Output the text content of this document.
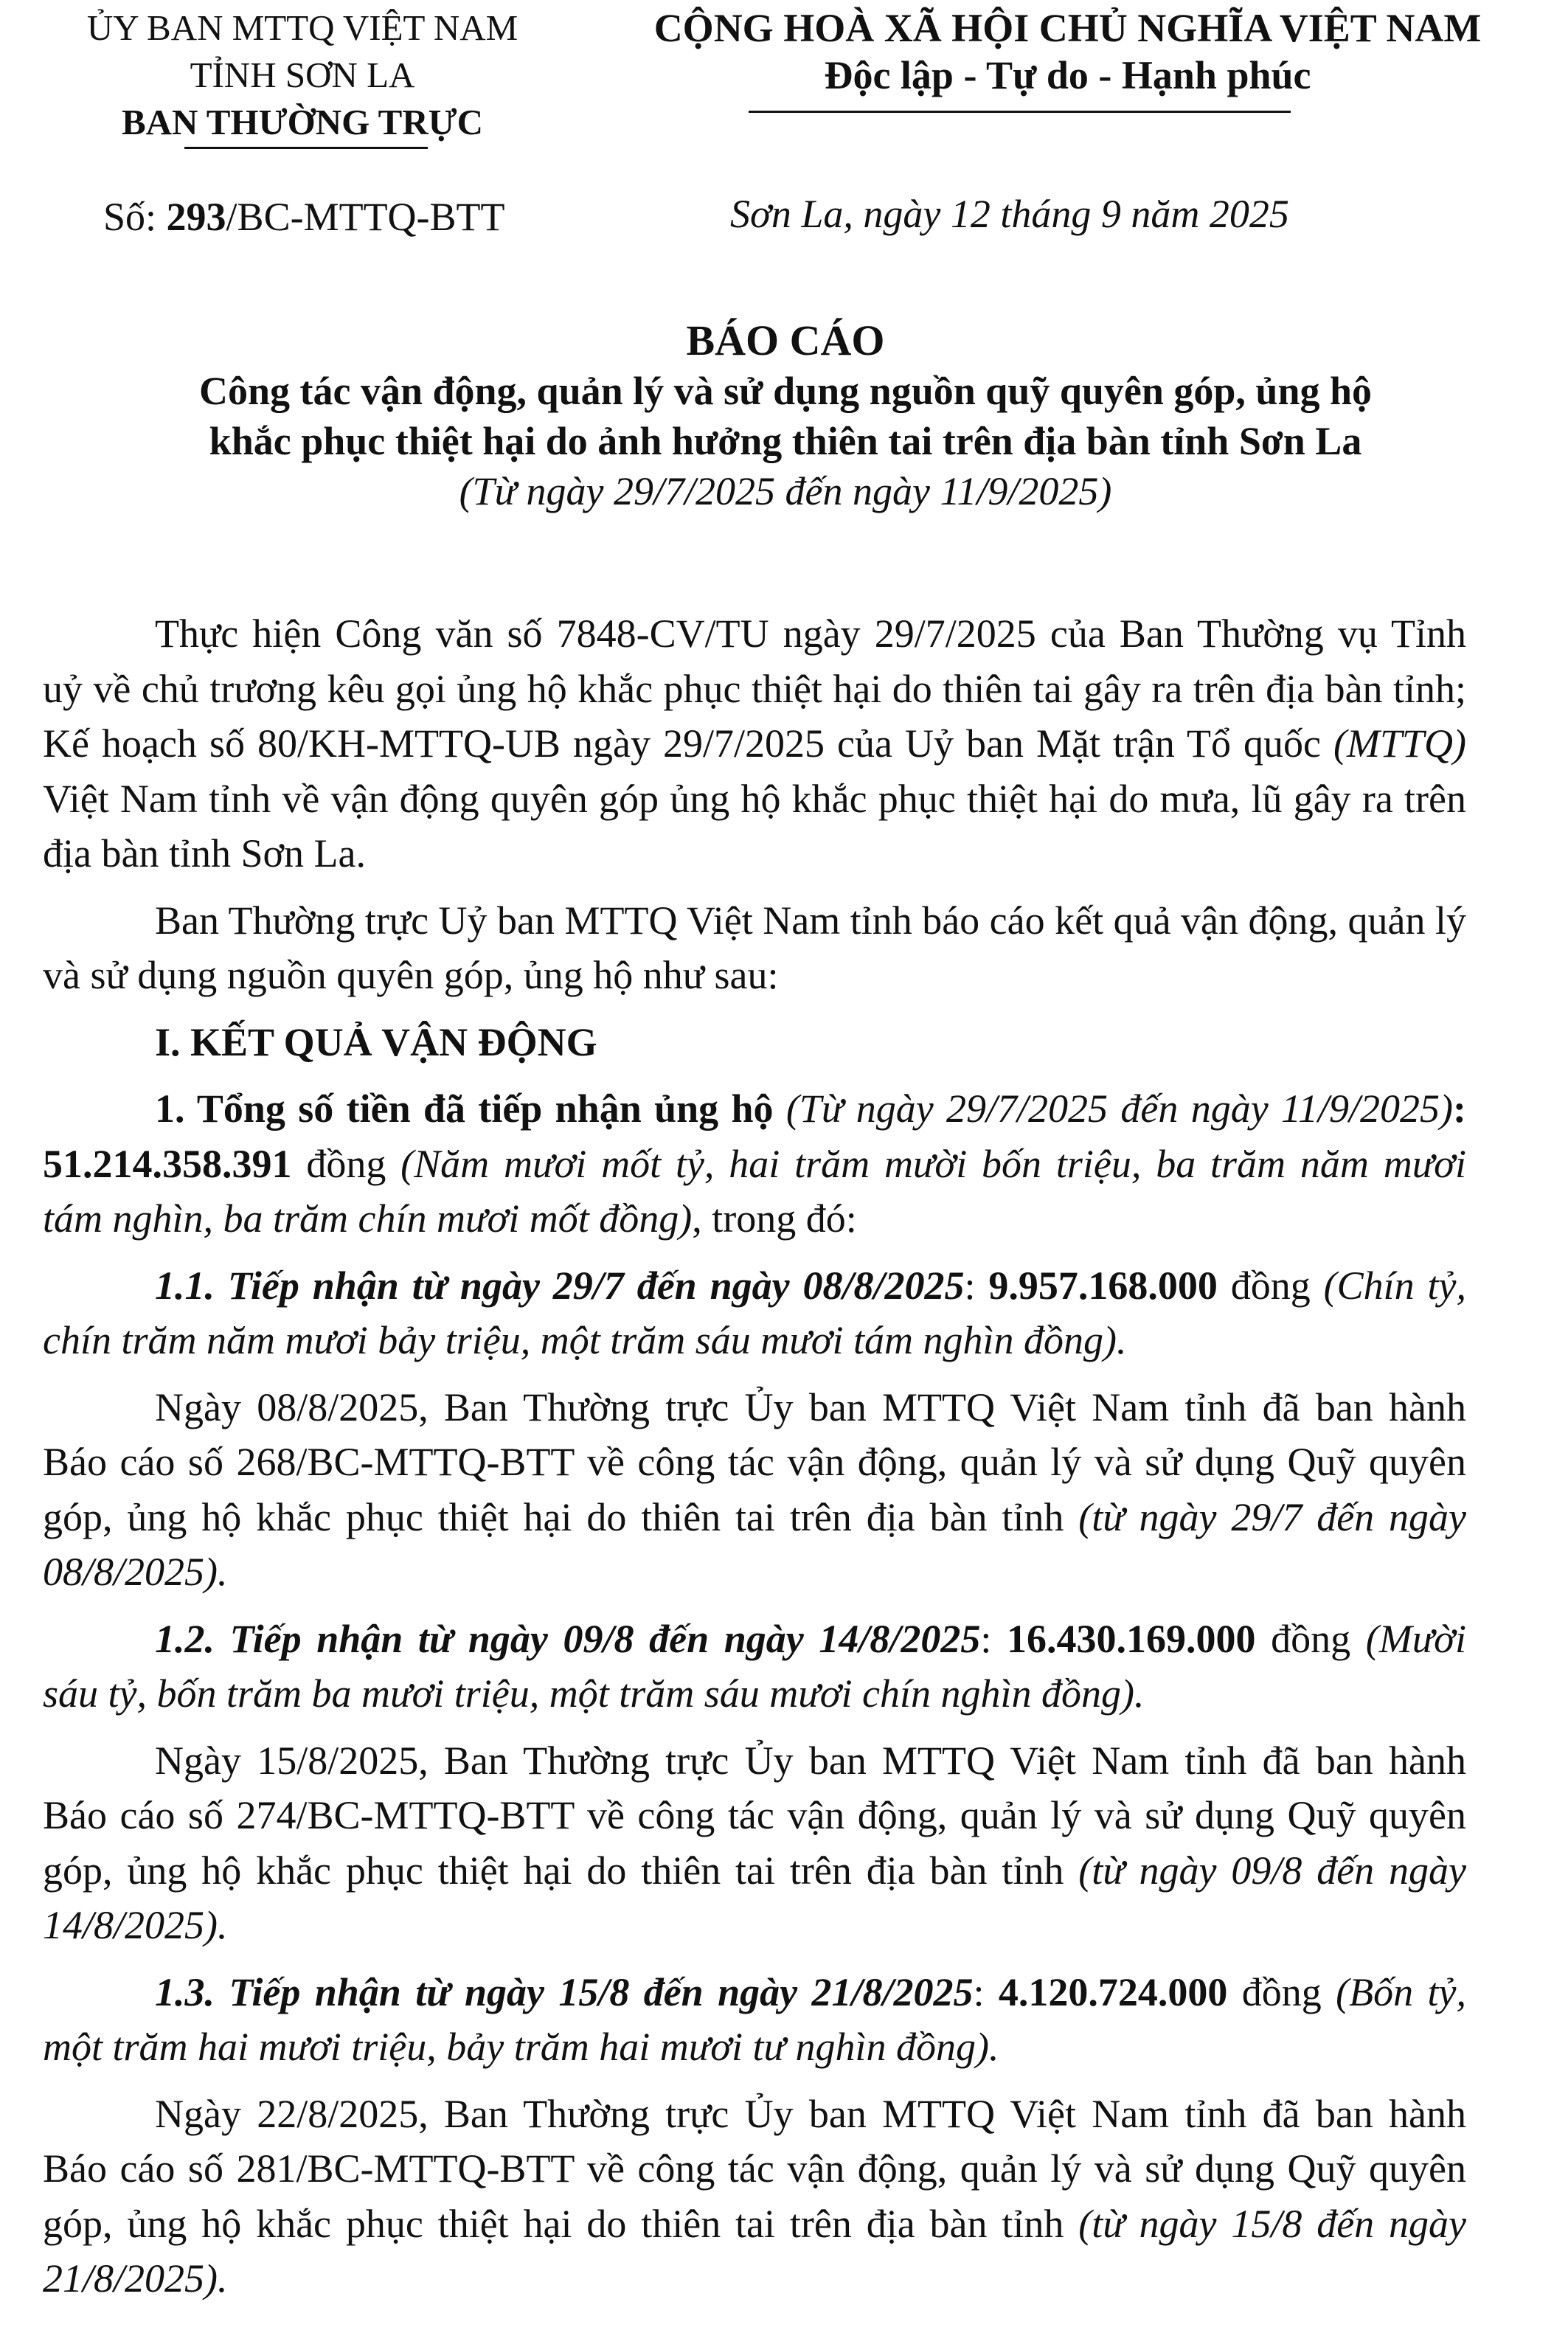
ỦY BAN MTTQ VIỆT NAM
TỈNH SƠN LA
BAN THƯỜNG TRỰC
CỘNG HOÀ XÃ HỘI CHỦ NGHĨA VIỆT NAM
Độc lập - Tự do - Hạnh phúc
Số: 293/BC-MTTQ-BTT	Sơn La, ngày 12 tháng 9 năm 2025
BÁO CÁO
Công tác vận động, quản lý và sử dụng nguồn quỹ quyên góp, ủng hộ
khắc phục thiệt hại do ảnh hưởng thiên tai trên địa bàn tỉnh Sơn La
(Từ ngày 29/7/2025 đến ngày 11/9/2025)

Thực hiện Công văn số 7848-CV/TU ngày 29/7/2025 của Ban Thường vụ Tỉnh uỷ về chủ trương kêu gọi ủng hộ khắc phục thiệt hại do thiên tai gây ra trên địa bàn tỉnh; Kế hoạch số 80/KH-MTTQ-UB ngày 29/7/2025 của Uỷ ban Mặt trận Tổ quốc (MTTQ) Việt Nam tỉnh về vận động quyên góp ủng hộ khắc phục thiệt hại do mưa, lũ gây ra trên địa bàn tỉnh Sơn La.

Ban Thường trực Uỷ ban MTTQ Việt Nam tỉnh báo cáo kết quả vận động, quản lý và sử dụng nguồn quyên góp, ủng hộ như sau:

I. KẾT QUẢ VẬN ĐỘNG

1. Tổng số tiền đã tiếp nhận ủng hộ (Từ ngày 29/7/2025 đến ngày 11/9/2025): 51.214.358.391 đồng (Năm mươi mốt tỷ, hai trăm mười bốn triệu, ba trăm năm mươi tám nghìn, ba trăm chín mươi mốt đồng), trong đó:

1.1. Tiếp nhận từ ngày 29/7 đến ngày 08/8/2025: 9.957.168.000 đồng (Chín tỷ, chín trăm năm mươi bảy triệu, một trăm sáu mươi tám nghìn đồng).

Ngày 08/8/2025, Ban Thường trực Ủy ban MTTQ Việt Nam tỉnh đã ban hành Báo cáo số 268/BC-MTTQ-BTT về công tác vận động, quản lý và sử dụng Quỹ quyên góp, ủng hộ khắc phục thiệt hại do thiên tai trên địa bàn tỉnh (từ ngày 29/7 đến ngày 08/8/2025).

1.2. Tiếp nhận từ ngày 09/8 đến ngày 14/8/2025: 16.430.169.000 đồng (Mười sáu tỷ, bốn trăm ba mươi triệu, một trăm sáu mươi chín nghìn đồng).

Ngày 15/8/2025, Ban Thường trực Ủy ban MTTQ Việt Nam tỉnh đã ban hành Báo cáo số 274/BC-MTTQ-BTT về công tác vận động, quản lý và sử dụng Quỹ quyên góp, ủng hộ khắc phục thiệt hại do thiên tai trên địa bàn tỉnh (từ ngày 09/8 đến ngày 14/8/2025).

1.3. Tiếp nhận từ ngày 15/8 đến ngày 21/8/2025: 4.120.724.000 đồng (Bốn tỷ, một trăm hai mươi triệu, bảy trăm hai mươi tư nghìn đồng).

Ngày 22/8/2025, Ban Thường trực Ủy ban MTTQ Việt Nam tỉnh đã ban hành Báo cáo số 281/BC-MTTQ-BTT về công tác vận động, quản lý và sử dụng Quỹ quyên góp, ủng hộ khắc phục thiệt hại do thiên tai trên địa bàn tỉnh (từ ngày 15/8 đến ngày 21/8/2025).
